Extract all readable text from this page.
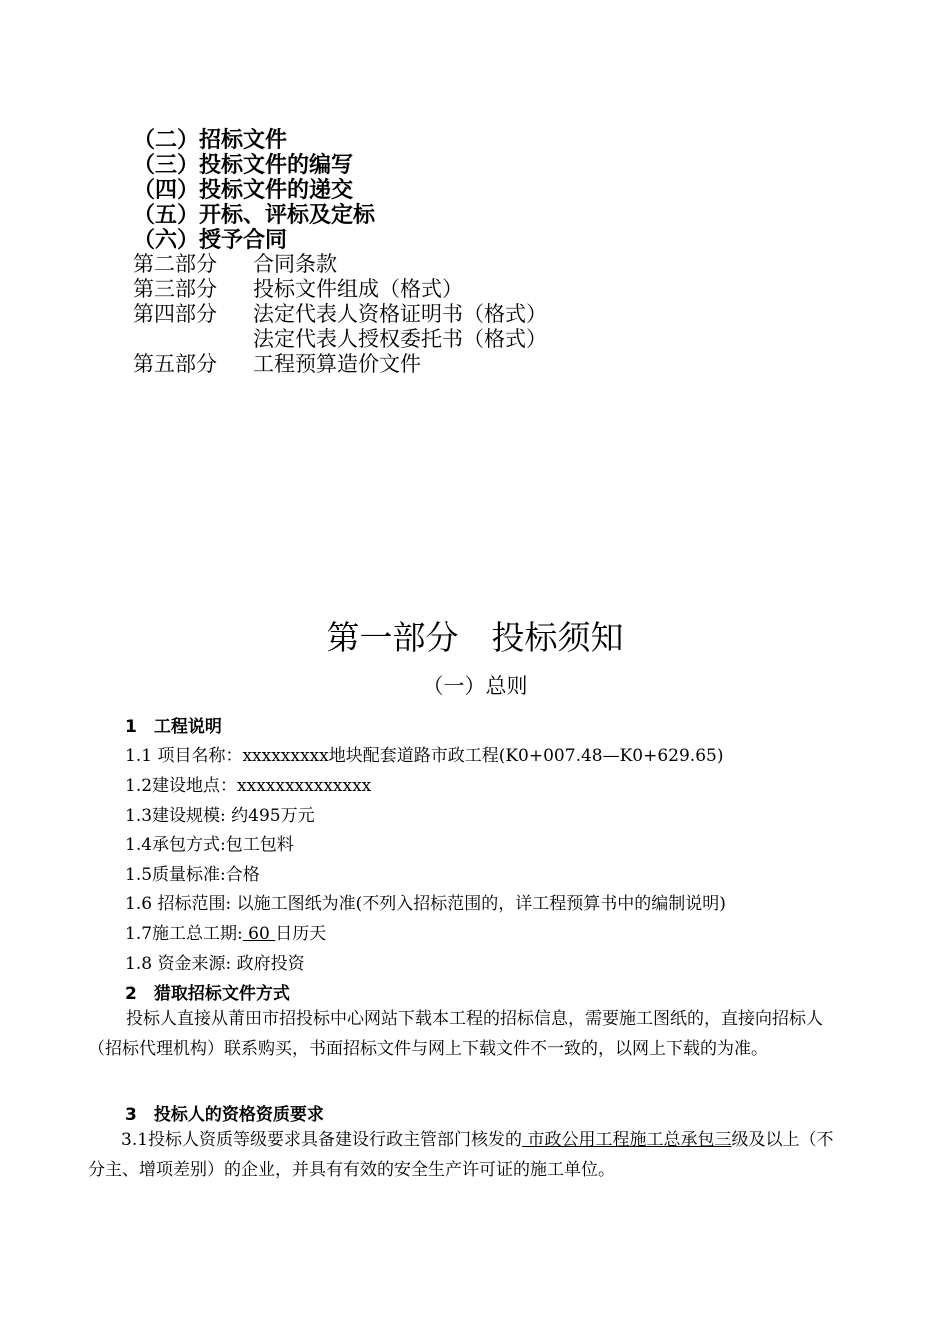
（二）招标文件
（三）投标文件的编写
（四）投标文件的递交
（五）开标、评标及定标
（六）授予合同
第二部分 合同条款
第三部分 投标文件组成（格式）
第四部分 法定代表人资格证明书（格式）
法定代表人授权委托书（格式）
第五部分 工程预算造价文件
第一部分　投标须知
（一）总则
1　工程说明
1.1 项目名称：xxxxxxxxx地块配套道路市政工程(K0+007.48—K0+629.65)
1.2建设地点：xxxxxxxxxxxxxx
1.3建设规模: 约495万元
1.4承包方式:包工包料
1.5质量标准:合格
1.6 招标范围: 以施工图纸为准(不列入招标范围的，详工程预算书中的编制说明)
1.7施工总工期: 60 日历天
1.8 资金来源: 政府投资
2　猎取招标文件方式
投标人直接从莆田市招投标中心网站下载本工程的招标信息，需要施工图纸的，直接向招标人（招标代理机构）联系购买，书面招标文件与网上下载文件不一致的，以网上下载的为准。
3　投标人的资格资质要求
3.1投标人资质等级要求具备建设行政主管部门核发的 市政公用工程施工总承包三级及以上（不分主、增项差别）的企业，并具有有效的安全生产许可证的施工单位。
